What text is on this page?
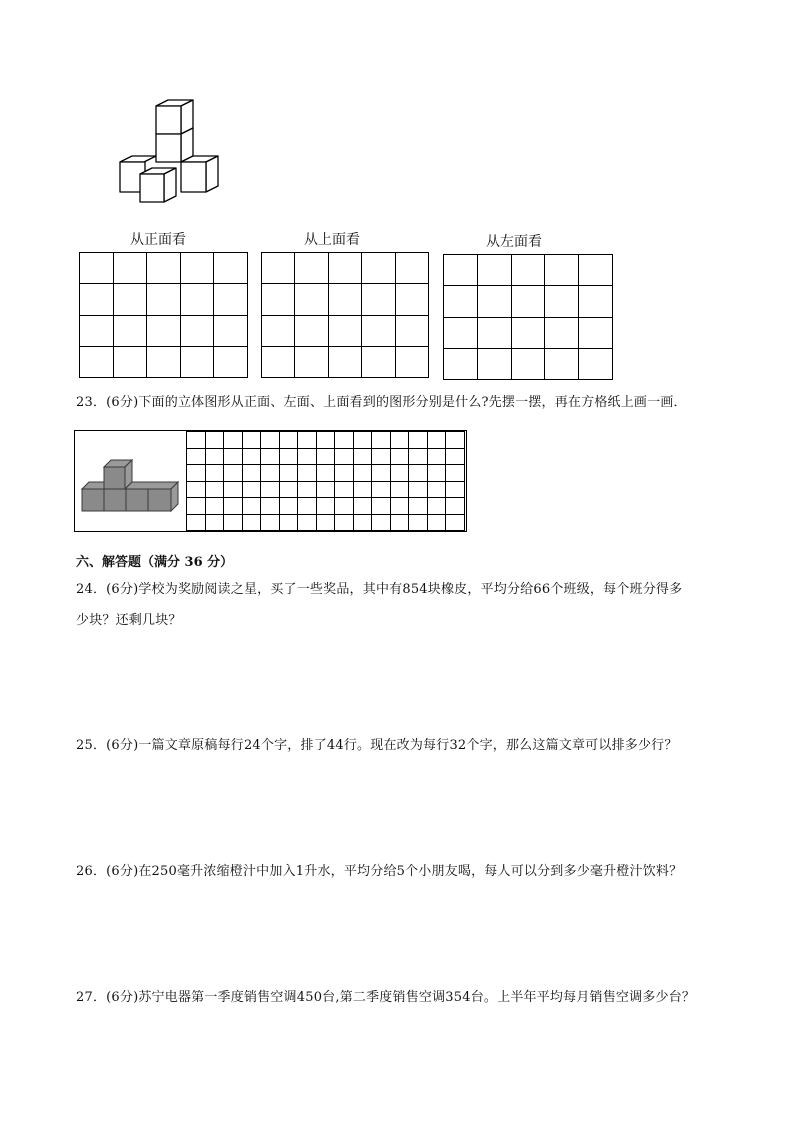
从正面看	从上面看	从左面看

23．(6分)下面的立体图形从正面、左面、上面看到的图形分别是什么?先摆一摆，再在方格纸上画一画．

六、解答题（满分 36 分）
24．(6分)学校为奖励阅读之星，买了一些奖品，其中有854块橡皮，平均分给66个班级，每个班分得多
少块？还剩几块？
25．(6分)一篇文章原稿每行24个字，排了44行。现在改为每行32个字，那么这篇文章可以排多少行？
26．(6分)在250毫升浓缩橙汁中加入1升水，平均分给5个小朋友喝，每人可以分到多少毫升橙汁饮料？
27．(6分)苏宁电器第一季度销售空调450台,第二季度销售空调354台。上半年平均每月销售空调多少台？
